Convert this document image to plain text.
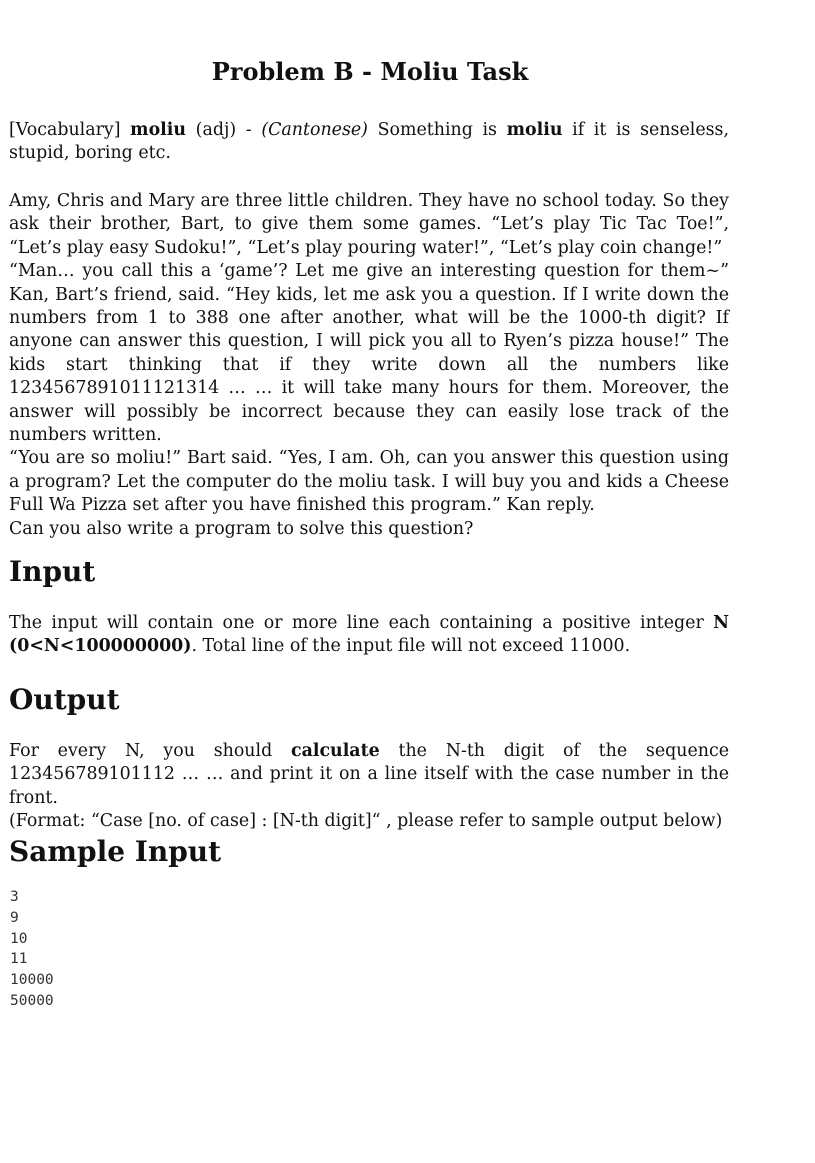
Problem B - Moliu Task

[Vocabulary] moliu (adj) - (Cantonese) Something is moliu if it is senseless, stupid, boring etc.

Amy, Chris and Mary are three little children. They have no school today. So they ask their brother, Bart, to give them some games. “Let’s play Tic Tac Toe!”, “Let’s play easy Sudoku!”, “Let’s play pouring water!”, “Let’s play coin change!”

“Man… you call this a ‘game’? Let me give an interesting question for them~” Kan, Bart’s friend, said. “Hey kids, let me ask you a question. If I write down the numbers from 1 to 388 one after another, what will be the 1000-th digit? If anyone can answer this question, I will pick you all to Ryen’s pizza house!” The kids start thinking that if they write down all the numbers like 1234567891011121314 … … it will take many hours for them. Moreover, the answer will possibly be incorrect because they can easily lose track of the numbers written.

“You are so moliu!” Bart said. “Yes, I am. Oh, can you answer this question using a program? Let the computer do the moliu task. I will buy you and kids a Cheese Full Wa Pizza set after you have finished this program.” Kan reply.

Can you also write a program to solve this question?

Input

The input will contain one or more line each containing a positive integer N (0<N<100000000). Total line of the input file will not exceed 11000.

Output

For every N, you should calculate the N-th digit of the sequence 123456789101112 … … and print it on a line itself with the case number in the front.

(Format: “Case [no. of case] : [N-th digit]“ , please refer to sample output below)

Sample Input
3
9
10
11
10000
50000
